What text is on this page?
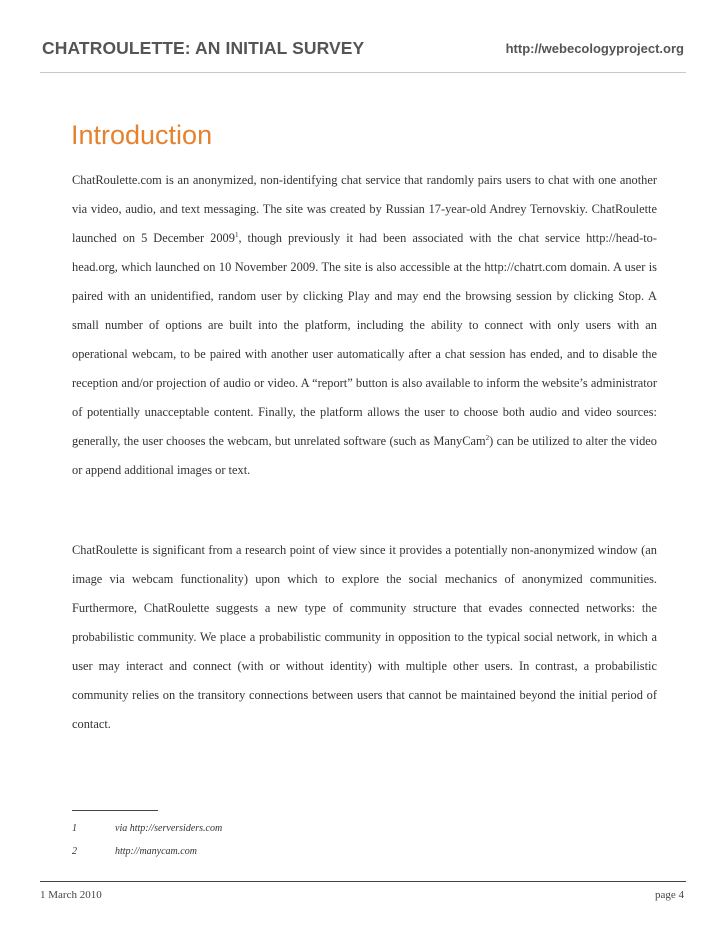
CHATROULETTE: AN INITIAL SURVEY	http://webecologyproject.org
Introduction

ChatRoulette.com is an anonymized, non-identifying chat service that randomly pairs users to chat with one another via video, audio, and text messaging. The site was created by Russian 17-year-old Andrey Ternovskiy. ChatRoulette launched on 5 December 2009$^1$, though previously it had been associated with the chat service http://head-to-head.org, which launched on 10 November 2009. The site is also accessible at the http://chatrt.com domain. A user is paired with an unidentified, random user by clicking Play and may end the browsing session by clicking Stop. A small number of options are built into the platform, including the ability to connect with only users with an operational webcam, to be paired with another user automatically after a chat session has ended, and to disable the reception and/or projection of audio or video. A “report” button is also available to inform the website’s administrator of potentially unacceptable content. Finally, the platform allows the user to choose both audio and video sources: generally, the user chooses the webcam, but unrelated software (such as ManyCam$^2$) can be utilized to alter the video or append additional images or text.

ChatRoulette is significant from a research point of view since it provides a potentially non-anonymized window (an image via webcam functionality) upon which to explore the social mechanics of anonymized communities. Furthermore, ChatRoulette suggests a new type of community structure that evades connected networks: the probabilistic community. We place a probabilistic community in opposition to the typical social network, in which a user may interact and connect (with or without identity) with multiple other users. In contrast, a probabilistic community relies on the transitory connections between users that cannot be maintained beyond the initial period of contact.

1	via http://serversiders.com
2	http://manycam.com
1 March 2010	page 4
